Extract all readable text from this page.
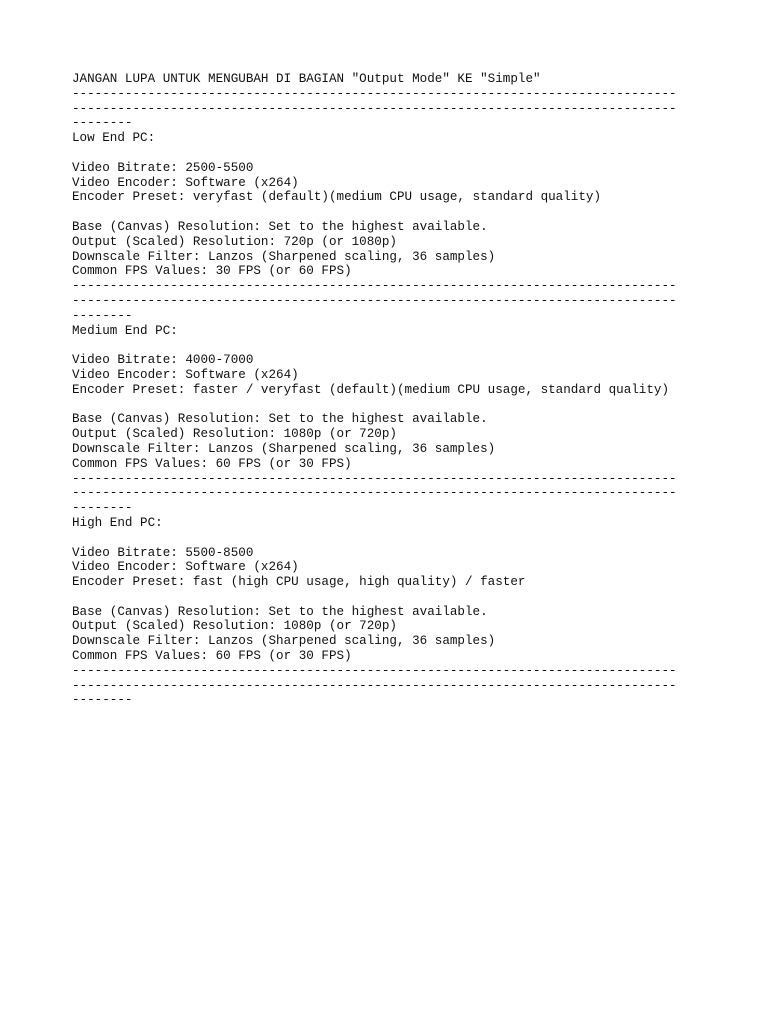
JANGAN LUPA UNTUK MENGUBAH DI BAGIAN "Output Mode" KE "Simple"
--------------------------------------------------------------------------------
--------------------------------------------------------------------------------
--------
Low End PC:
Video Bitrate: 2500-5500
Video Encoder: Software (x264)
Encoder Preset: veryfast (default)(medium CPU usage, standard quality)
Base (Canvas) Resolution: Set to the highest available.
Output (Scaled) Resolution: 720p (or 1080p)
Downscale Filter: Lanzos (Sharpened scaling, 36 samples)
Common FPS Values: 30 FPS (or 60 FPS)
--------------------------------------------------------------------------------
--------------------------------------------------------------------------------
--------
Medium End PC:
Video Bitrate: 4000-7000
Video Encoder: Software (x264)
Encoder Preset: faster / veryfast (default)(medium CPU usage, standard quality)
Base (Canvas) Resolution: Set to the highest available.
Output (Scaled) Resolution: 1080p (or 720p)
Downscale Filter: Lanzos (Sharpened scaling, 36 samples)
Common FPS Values: 60 FPS (or 30 FPS)
--------------------------------------------------------------------------------
--------------------------------------------------------------------------------
--------
High End PC:
Video Bitrate: 5500-8500
Video Encoder: Software (x264)
Encoder Preset: fast (high CPU usage, high quality) / faster
Base (Canvas) Resolution: Set to the highest available.
Output (Scaled) Resolution: 1080p (or 720p)
Downscale Filter: Lanzos (Sharpened scaling, 36 samples)
Common FPS Values: 60 FPS (or 30 FPS)
--------------------------------------------------------------------------------
--------------------------------------------------------------------------------
--------
